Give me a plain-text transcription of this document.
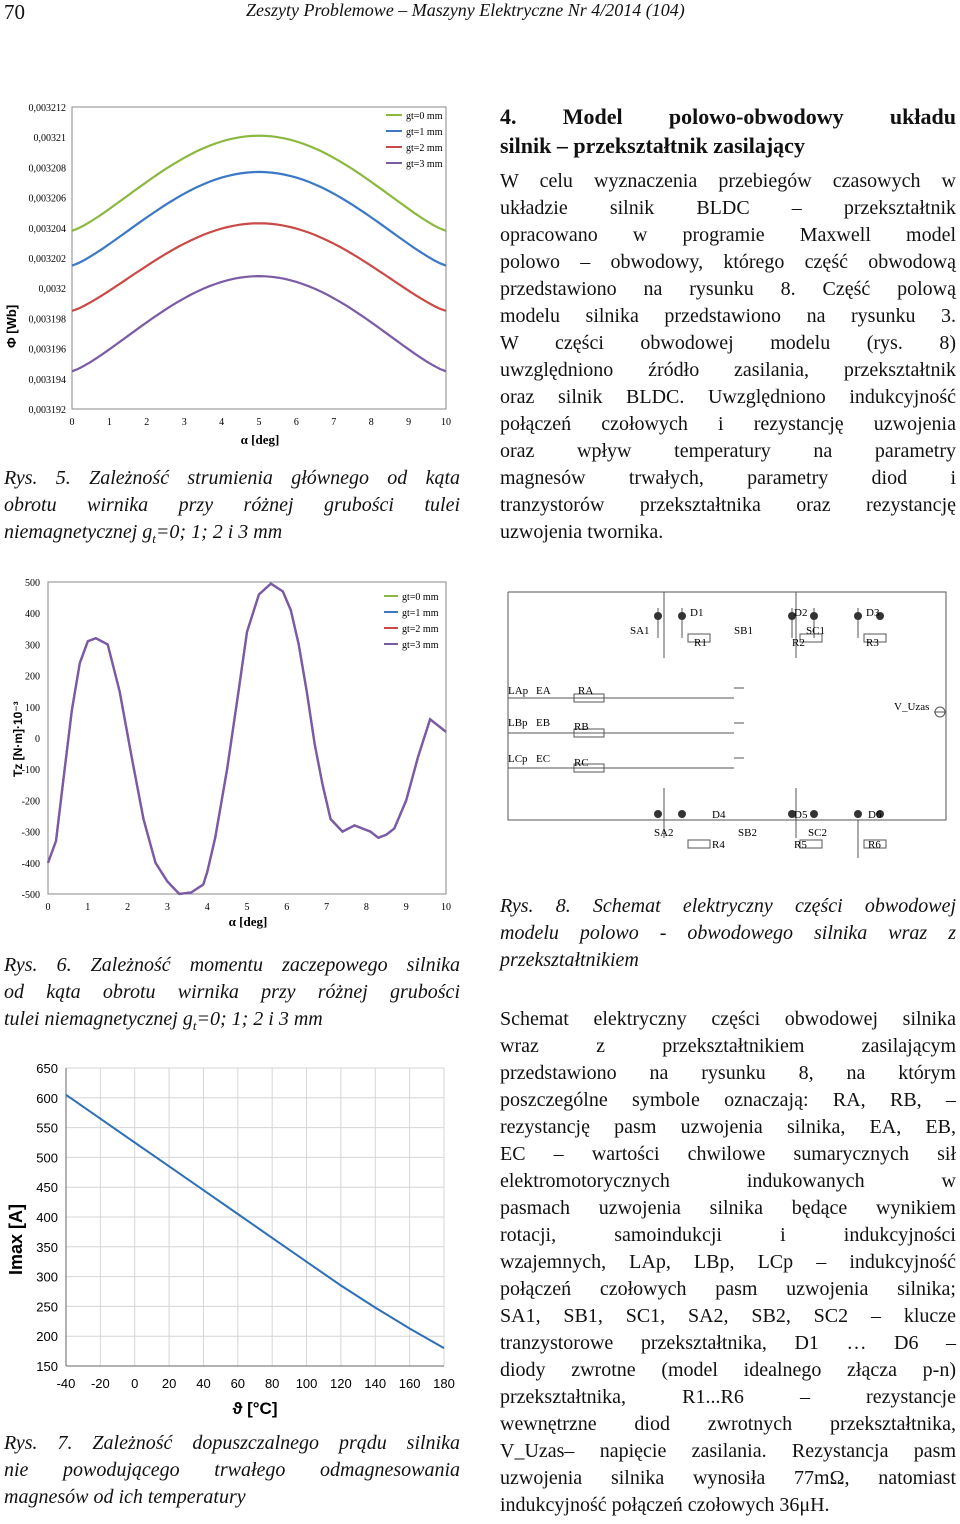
70	Zeszyty Problemowe – Maszyny Elektryczne Nr 4/2014 (104)
0,003212
0,00321
0,003208
0,003206
0,003204
0,003202
0,0032
0,003198
0,003196
0,003194
0,003192
0	1	2	3	4	5	6	7	8	9	10
gt=0 mm
gt=1 mm
gt=2 mm
gt=3 mm
Φ [Wb]
α [deg]
Rys. 5. Zależność strumienia głównego od kąta
obrotu wirnika przy różnej grubości tulei
niemagnetycznej $g_t=0$; 1; 2 i 3 mm
4. Model polowo-obwodowy układu
silnik – przekształtnik zasilający
W celu wyznaczenia przebiegów czasowych w
układzie silnik BLDC – przekształtnik
opracowano w programie Maxwell model
polowo – obwodowy, którego część obwodową
przedstawiono na rysunku 8. Część polową
modelu silnika przedstawiono na rysunku 3.
W części obwodowej modelu (rys. 8)
uwzględniono źródło zasilania, przekształtnik
oraz silnik BLDC. Uwzględniono indukcyjność
połączeń czołowych i rezystancję uzwojenia
oraz wpływ temperatury na parametry
magnesów trwałych, parametry diod i
tranzystorów przekształtnika oraz rezystancję
uzwojenia twornika.
500
400
300
200
100
0
-100
-200
-300
-400
-500
0	1	2	3	4	5	6	7	8	9	10
gt=0 mm
gt=1 mm
gt=2 mm
gt=3 mm
Tz [N·m]·10⁻³
α [deg]
Rys. 6. Zależność momentu zaczepowego silnika
od kąta obrotu wirnika przy różnej grubości
tulei niemagnetycznej $g_t=0$; 1; 2 i 3 mm
650
600
550
500
450
400
350
300
250
200
150
-40 -20 0 20 40 60 80 100 120 140 160 180
Imax [A]
ϑ [°C]
Rys. 7. Zależność dopuszczalnego prądu silnika
nie powodującego trwałego odmagnesowania
magnesów od ich temperatury
SA1
D1
R1
SB1
D2
SC1
R2
D3
R3
LAp EA RA
LBp EB RB
LCp EC RC
V_Uzas
SA2
D4
R4
SB2
D5
SC2
R5
D6
R6
Rys. 8. Schemat elektryczny części obwodowej
modelu polowo - obwodowego silnika wraz z
przekształtnikiem
Schemat elektryczny części obwodowej silnika
wraz z przekształtnikiem zasilającym
przedstawiono na rysunku 8, na którym
poszczególne symbole oznaczają: RA, RB, –
rezystancję pasm uzwojenia silnika, EA, EB,
EC – wartości chwilowe sumarycznych sił
elektromotorycznych indukowanych w
pasmach uzwojenia silnika będące wynikiem
rotacji, samoindukcji i indukcyjności
wzajemnych, LAp, LBp, LCp – indukcyjność
połączeń czołowych pasm uzwojenia silnika;
SA1, SB1, SC1, SA2, SB2, SC2 – klucze
tranzystorowe przekształtnika, D1 … D6 –
diody zwrotne (model idealnego złącza p-n)
przekształtnika, R1...R6 – rezystancje
wewnętrzne diod zwrotnych przekształtnika,
V_Uzas– napięcie zasilania. Rezystancja pasm
uzwojenia silnika wynosiła 77mΩ, natomiast
indukcyjność połączeń czołowych 36μH.
